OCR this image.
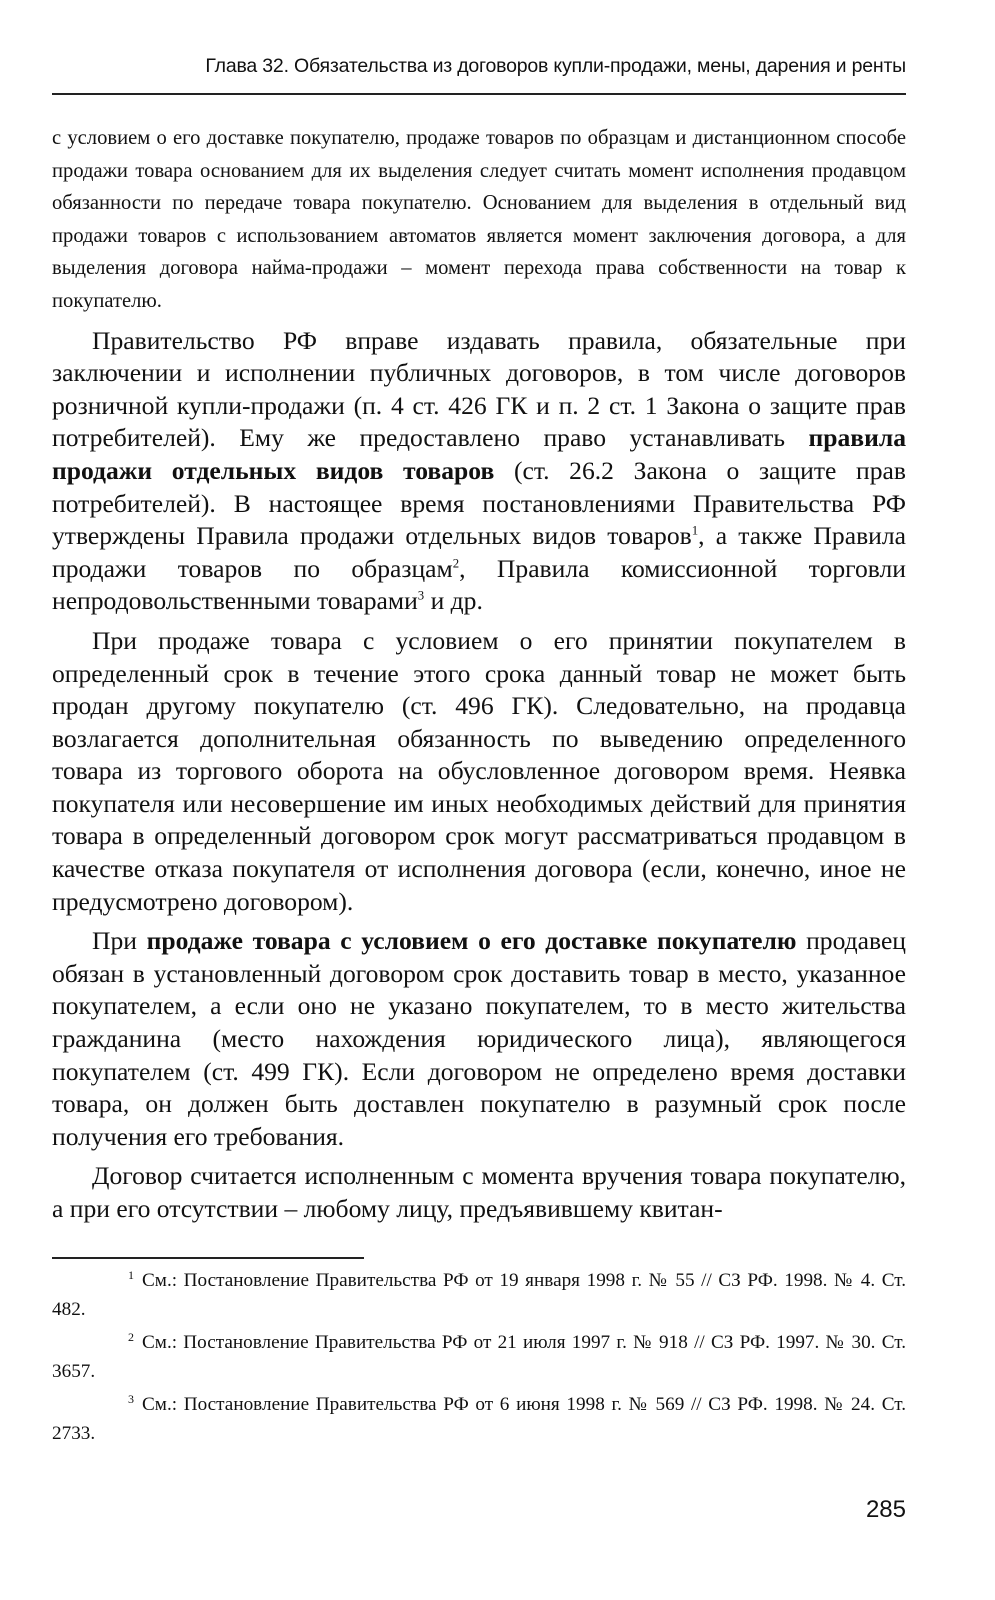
Глава 32. Обязательства из договоров купли-продажи, мены, дарения и ренты

с условием о его доставке покупателю, продаже товаров по образцам и дистанционном способе продажи товара основанием для их выделения следует считать момент исполнения продавцом обязанности по передаче товара покупателю. Основанием для выделения в отдельный вид продажи товаров с использованием автоматов является момент заключения договора, а для выделения договора найма-продажи – момент перехода права собственности на товар к покупателю.

Правительство РФ вправе издавать правила, обязательные при заключении и исполнении публичных договоров, в том числе договоров розничной купли-продажи (п. 4 ст. 426 ГК и п. 2 ст. 1 Закона о защите прав потребителей). Ему же предоставлено право устанавливать правила продажи отдельных видов товаров (ст. 26.2 Закона о защите прав потребителей). В настоящее время постановлениями Правительства РФ утверждены Правила продажи отдельных видов товаров$^1$, а также Правила продажи товаров по образцам$^2$, Правила комиссионной торговли непродовольственными товарами$^3$ и др.

При продаже товара с условием о его принятии покупателем в определенный срок в течение этого срока данный товар не может быть продан другому покупателю (ст. 496 ГК). Следовательно, на продавца возлагается дополнительная обязанность по выведению определенного товара из торгового оборота на обусловленное договором время. Неявка покупателя или несовершение им иных необходимых действий для принятия товара в определенный договором срок могут рассматриваться продавцом в качестве отказа покупателя от исполнения договора (если, конечно, иное не предусмотрено договором).

При продаже товара с условием о его доставке покупателю продавец обязан в установленный договором срок доставить товар в место, указанное покупателем, а если оно не указано покупателем, то в место жительства гражданина (место нахождения юридического лица), являющегося покупателем (ст. 499 ГК). Если договором не определено время доставки товара, он должен быть доставлен покупателю в разумный срок после получения его требования.

Договор считается исполненным с момента вручения товара покупателю, а при его отсутствии – любому лицу, предъявившему квитан-

1 См.: Постановление Правительства РФ от 19 января 1998 г. № 55 // СЗ РФ. 1998. № 4. Ст. 482.

2 См.: Постановление Правительства РФ от 21 июля 1997 г. № 918 // СЗ РФ. 1997. № 30. Ст. 3657.

3 См.: Постановление Правительства РФ от 6 июня 1998 г. № 569 // СЗ РФ. 1998. № 24. Ст. 2733.

285
